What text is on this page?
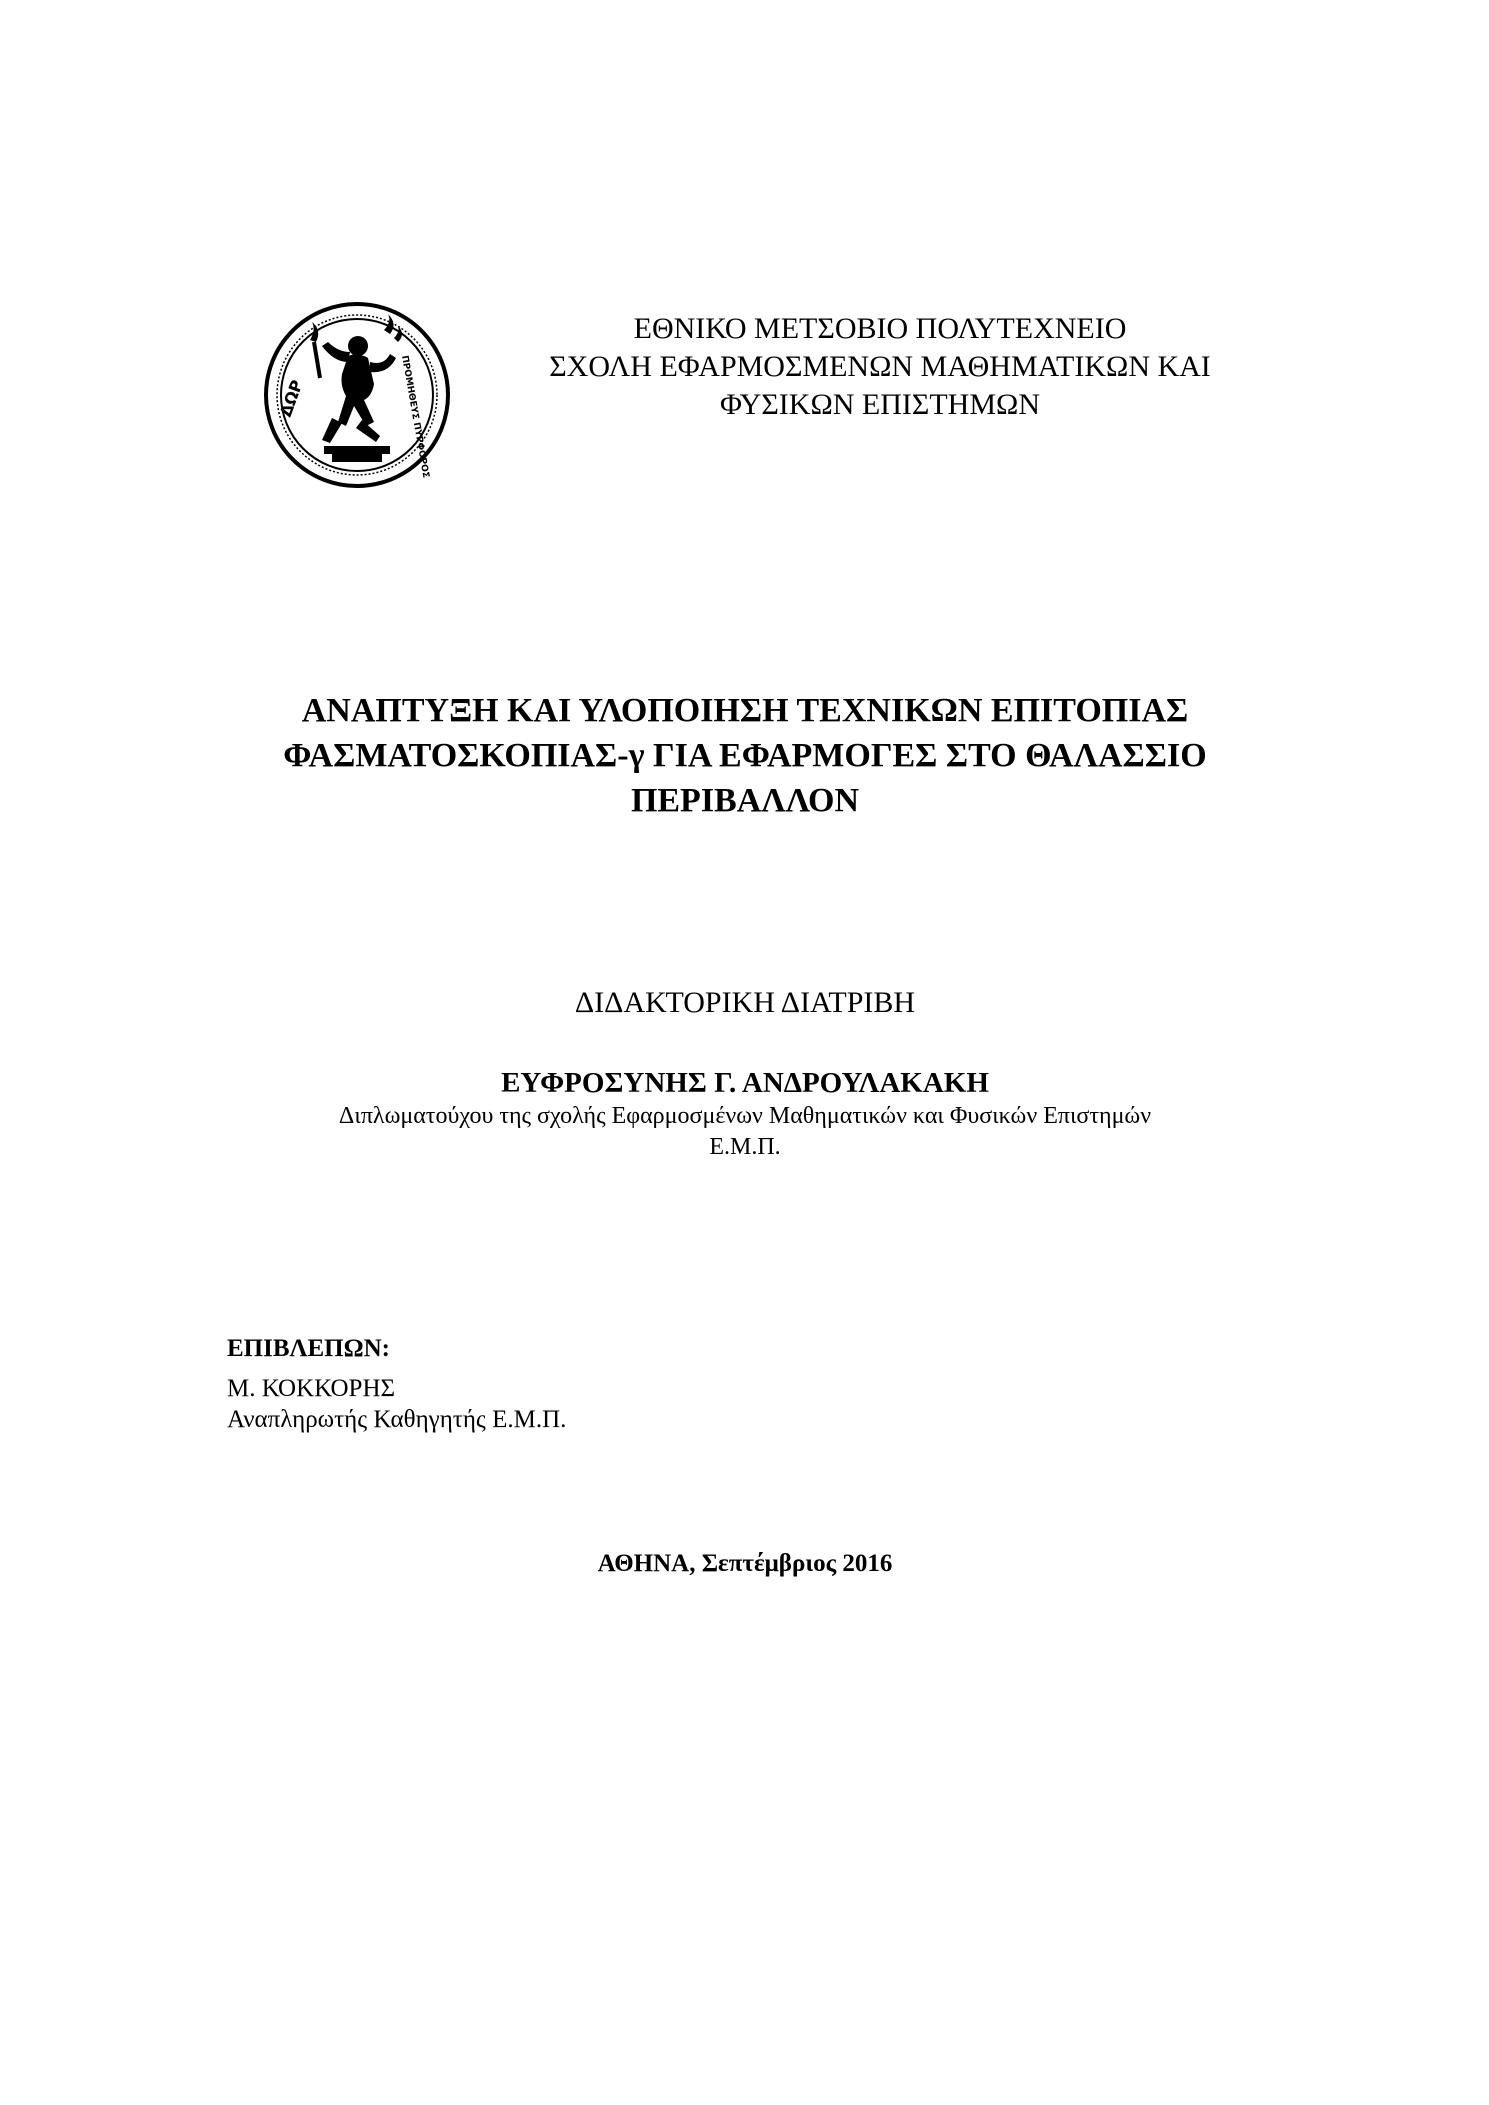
ΔΩΡ	ΠΡΟΜΗΘΕΥΣ ΠΥΡΦΟΡΟΣ
ΕΘΝΙΚΟ ΜΕΤΣΟΒΙΟ ΠΟΛΥΤΕΧΝΕΙΟ
ΣΧΟΛΗ ΕΦΑΡΜΟΣΜΕΝΩΝ ΜΑΘΗΜΑΤΙΚΩΝ ΚΑΙ
ΦΥΣΙΚΩΝ ΕΠΙΣΤΗΜΩΝ
ΑΝΑΠΤΥΞΗ ΚΑΙ ΥΛΟΠΟΙΗΣΗ ΤΕΧΝΙΚΩΝ ΕΠΙΤΟΠΙΑΣ
ΦΑΣΜΑΤΟΣΚΟΠΙΑΣ-γ ΓΙΑ ΕΦΑΡΜΟΓΕΣ ΣΤΟ ΘΑΛΑΣΣΙΟ
ΠΕΡΙΒΑΛΛΟΝ
ΔΙΔΑΚΤΟΡΙΚΗ ΔΙΑΤΡΙΒΗ
ΕΥΦΡΟΣΥΝΗΣ Γ. ΑΝΔΡΟΥΛΑΚΑΚΗ
Διπλωματούχου της σχολής Εφαρμοσμένων Μαθηματικών και Φυσικών Επιστημών
Ε.Μ.Π.
ΕΠΙΒΛΕΠΩΝ:
Μ. ΚΟΚΚΟΡΗΣ
Αναπληρωτής Καθηγητής Ε.Μ.Π.
ΑΘΗΝΑ, Σεπτέμβριος 2016
